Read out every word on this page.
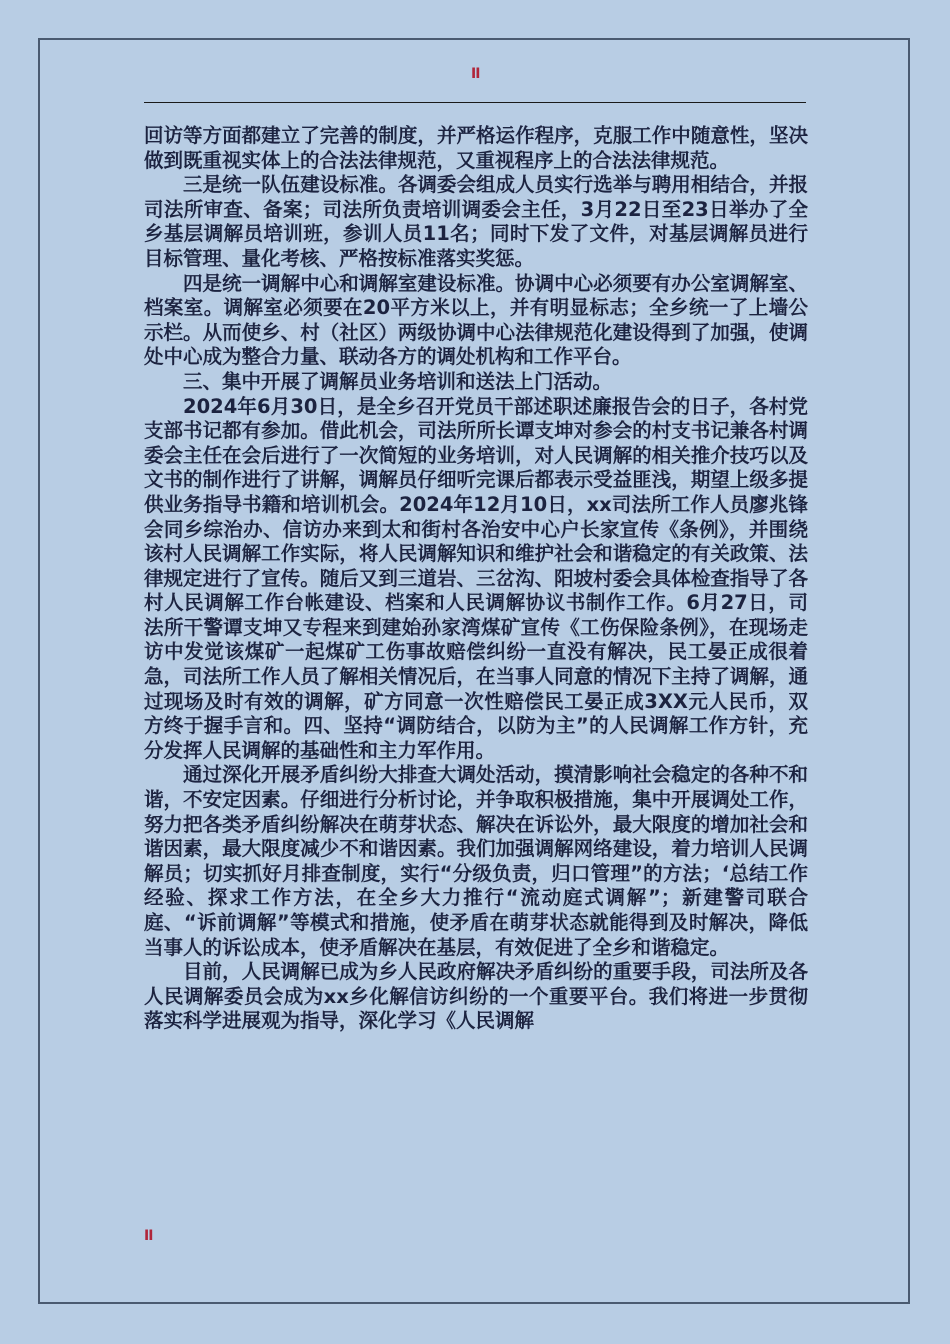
II

回访等方面都建立了完善的制度，并严格运作程序，克服工作中随意性，坚决做到既重视实体上的合法法律规范，又重视程序上的合法法律规范。

三是统一队伍建设标准。各调委会组成人员实行选举与聘用相结合，并报司法所审查、备案；司法所负责培训调委会主任，3月22日至23日举办了全乡基层调解员培训班，参训人员11名；同时下发了文件，对基层调解员进行目标管理、量化考核、严格按标准落实奖惩。

四是统一调解中心和调解室建设标准。协调中心必须要有办公室调解室、档案室。调解室必须要在20平方米以上，并有明显标志；全乡统一了上墙公示栏。从而使乡、村（社区）两级协调中心法律规范化建设得到了加强，使调处中心成为整合力量、联动各方的调处机构和工作平台。

三、集中开展了调解员业务培训和送法上门活动。

2024年6月30日，是全乡召开党员干部述职述廉报告会的日子，各村党支部书记都有参加。借此机会，司法所所长谭支坤对参会的村支书记兼各村调委会主任在会后进行了一次简短的业务培训，对人民调解的相关推介技巧以及文书的制作进行了讲解，调解员仔细听完课后都表示受益匪浅，期望上级多提供业务指导书籍和培训机会。2024年12月10日，xx司法所工作人员廖兆锋会同乡综治办、信访办来到太和街村各治安中心户长家宣传《条例》，并围绕该村人民调解工作实际，将人民调解知识和维护社会和谐稳定的有关政策、法律规定进行了宣传。随后又到三道岩、三岔沟、阳坡村委会具体检查指导了各村人民调解工作台帐建设、档案和人民调解协议书制作工作。6月27日，司法所干警谭支坤又专程来到建始孙家湾煤矿宣传《工伤保险条例》，在现场走访中发觉该煤矿一起煤矿工伤事故赔偿纠纷一直没有解决，民工晏正成很着急，司法所工作人员了解相关情况后，在当事人同意的情况下主持了调解，通过现场及时有效的调解，矿方同意一次性赔偿民工晏正成3XX元人民币，双方终于握手言和。四、坚持“调防结合，以防为主”的人民调解工作方针，充分发挥人民调解的基础性和主力军作用。

通过深化开展矛盾纠纷大排查大调处活动，摸清影响社会稳定的各种不和谐，不安定因素。仔细进行分析讨论，并争取积极措施，集中开展调处工作，努力把各类矛盾纠纷解决在萌芽状态、解决在诉讼外，最大限度的增加社会和谐因素，最大限度减少不和谐因素。我们加强调解网络建设，着力培训人民调解员；切实抓好月排查制度，实行“分级负责，归口管理”的方法；‘总结工作经验、探求工作方法，在全乡大力推行“流动庭式调解”；新建警司联合庭、“诉前调解”等模式和措施，使矛盾在萌芽状态就能得到及时解决，降低当事人的诉讼成本，使矛盾解决在基层，有效促进了全乡和谐稳定。

目前，人民调解已成为乡人民政府解决矛盾纠纷的重要手段，司法所及各人民调解委员会成为xx乡化解信访纠纷的一个重要平台。我们将进一步贯彻落实科学进展观为指导，深化学习《人民调解

II
